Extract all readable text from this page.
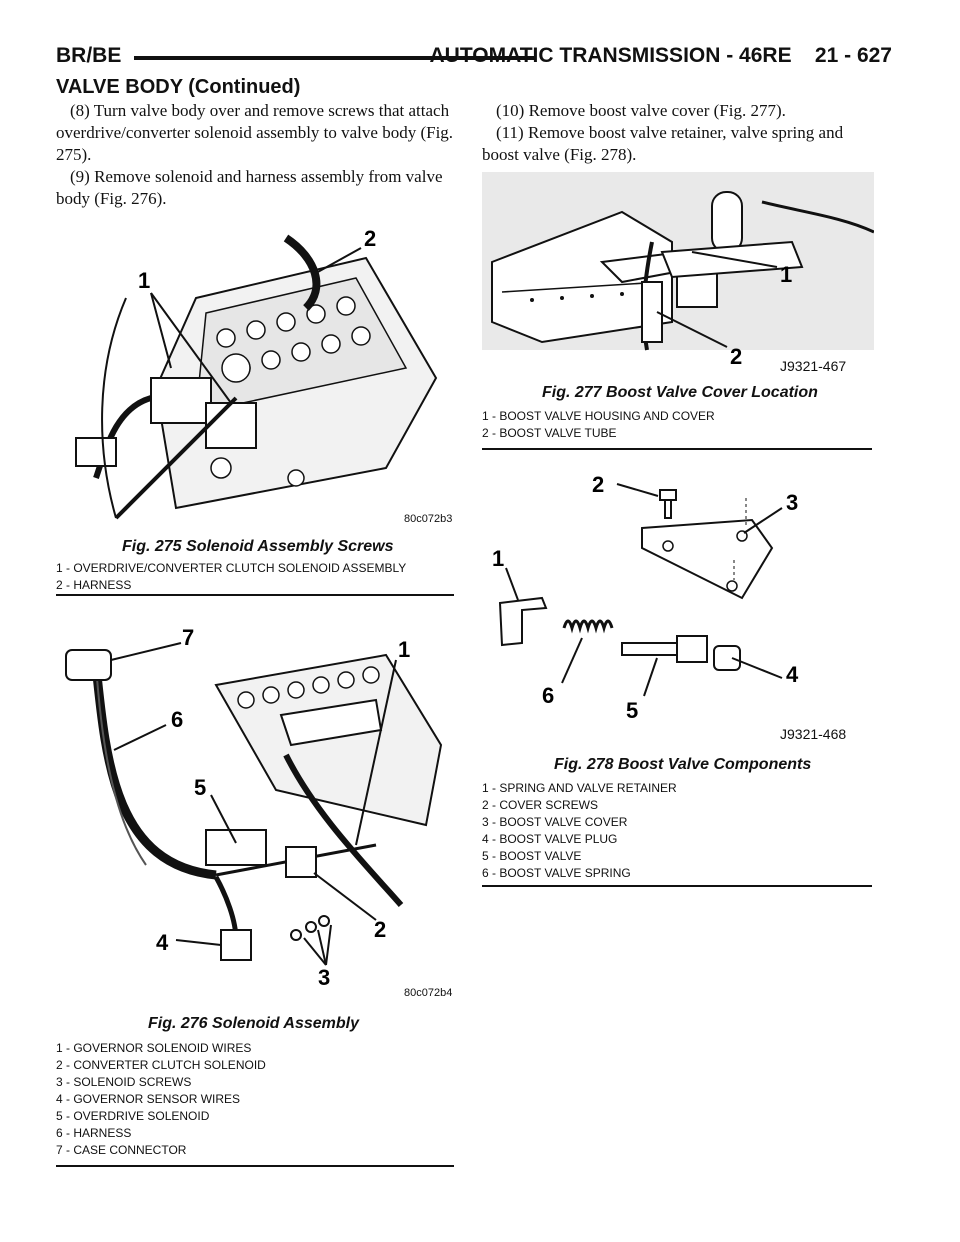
BR/BE	AUTOMATIC TRANSMISSION - 46RE    21 - 627
VALVE BODY (Continued)

(8) Turn valve body over and remove screws that attach overdrive/converter solenoid assembly to valve body (Fig. 275).

(9) Remove solenoid and harness assembly from valve body (Fig. 276).

(10) Remove boost valve cover (Fig. 277).

(11) Remove boost valve retainer, valve spring and boost valve (Fig. 278).

1
2
80c072b3

Fig. 275 Solenoid Assembly Screws

1 - OVERDRIVE/CONVERTER CLUTCH SOLENOID ASSEMBLY

2 - HARNESS

1
2
3
4
5
6
7
80c072b4

Fig. 276 Solenoid Assembly

1 - GOVERNOR SOLENOID WIRES

2 - CONVERTER CLUTCH SOLENOID

3 - SOLENOID SCREWS

4 - GOVERNOR SENSOR WIRES

5 - OVERDRIVE SOLENOID

6 - HARNESS

7 - CASE CONNECTOR

1
2	J9321-467

Fig. 277 Boost Valve Cover Location

1 - BOOST VALVE HOUSING AND COVER

2 - BOOST VALVE TUBE

1
2
3
4
5
6
J9321-468

Fig. 278 Boost Valve Components

1 - SPRING AND VALVE RETAINER

2 - COVER SCREWS

3 - BOOST VALVE COVER

4 - BOOST VALVE PLUG

5 - BOOST VALVE

6 - BOOST VALVE SPRING
